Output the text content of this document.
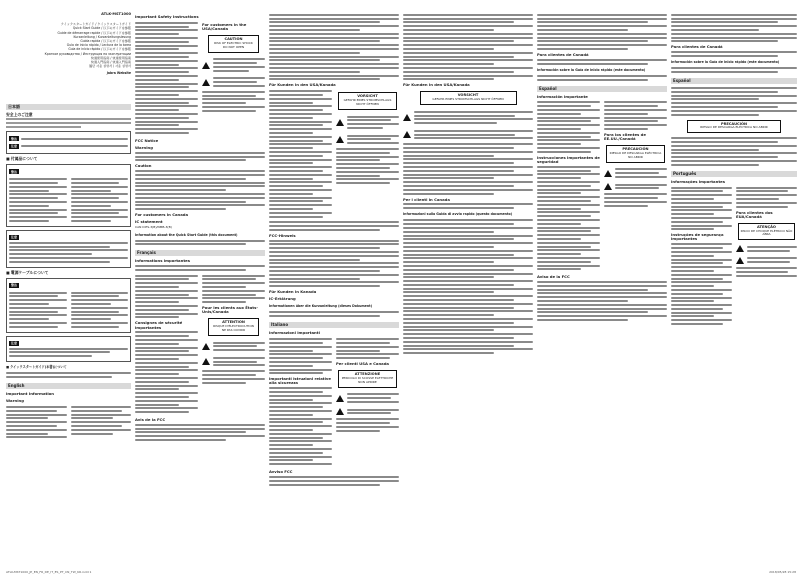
ATLK-MST1000
クイックスタートガイド / クイックスタートガイド
Quick Start Guide / 以下のガイドを参照
Guide de démarrage rapide / 以下のガイドを参照
Kurzanleitung / Kurzanleitungslesung
Guida rapida / 以下のガイドを参照
Guía de inicio rápido / Lectura de la tarea
Guia de início rápido / 以下のガイドを参照
Краткое руководство / Инструкция по эксплуатации
快速使用指南 / 快速使用指南
快速入門指南 / 快速入門指南
簡단 사용 설명서 / 사용 설명서
Jabra Website
日本語
安全上のご注意
警告
注意
■ 付属品について
警告
注意
■ 電源ケーブルについて
警告
注意
■ クイックスタートガイド(本書)について
English
Important Information
Warning
Important Safety Instructions
For customers in the USA/Canada
CAUTION
RISK OF ELECTRIC SHOCK DO NOT OPEN
FCC Notice
Warning
Caution
For customers in Canada
IC statement
CAN ICES-3(B)/NMB-3(B)
Information about the Quick Start Guide (this document)
Français
Informations importantes
Consignes de sécurité importantes
Pour les clients aux États-Unis/Canada
ATTENTION
RISQUE D'ÉLECTROCUTION NE PAS OUVRIR
Avis de la FCC
Für Kunden in den USA/Kanada
VORSICHT
GEFAHR EINES STROMSCHLAGS NICHT ÖFFNEN
FCC-Hinweis
Für Kunden in Kanada
IC-Erklärung
Informationen über die Kurzanleitung (dieses Dokument)
Italiano
Informazioni importanti
Importanti istruzioni relative alla sicurezza
Per clienti USA e Canada
ATTENZIONE
PERICOLO DI SCOSSE ELETTRICHE NON APRIRE
Avviso FCC
Für Kunden in den USA/Kanada
VORSICHT
GEFAHR EINES STROMSCHLAGS NICHT ÖFFNEN
Per i clienti in Canada
Informazioni sulla Guida di avvio rapido (questo documento)
Para clientes de Canadá
Información sobre la Guía de inicio rápido (este documento)
Español
Información importante
Instrucciones importantes de seguridad
Para los clientes de EE.UU./Canadá
PRECAUCIÓN
RIESGO DE DESCARGA ELÉCTRICA NO ABRIR
Aviso de la FCC
Para clientes de Canadá
Información sobre la Guía de inicio rápido (este documento)
Español
PRECAUCIÓN
RIESGO DE DESCARGA ELÉCTRICA NO ABRIR
Português
Informações importantes
Instruções de segurança importantes
Para clientes dos EUA/Canadá
ATENÇÃO
RISCO DE CHOQUE ELÉTRICO NÃO ABRA
ATLK-MST1000_JP_EN_FR_DE_IT_ES_PT_CN_TW_KR.indd 1	2018/05/28 15:28
